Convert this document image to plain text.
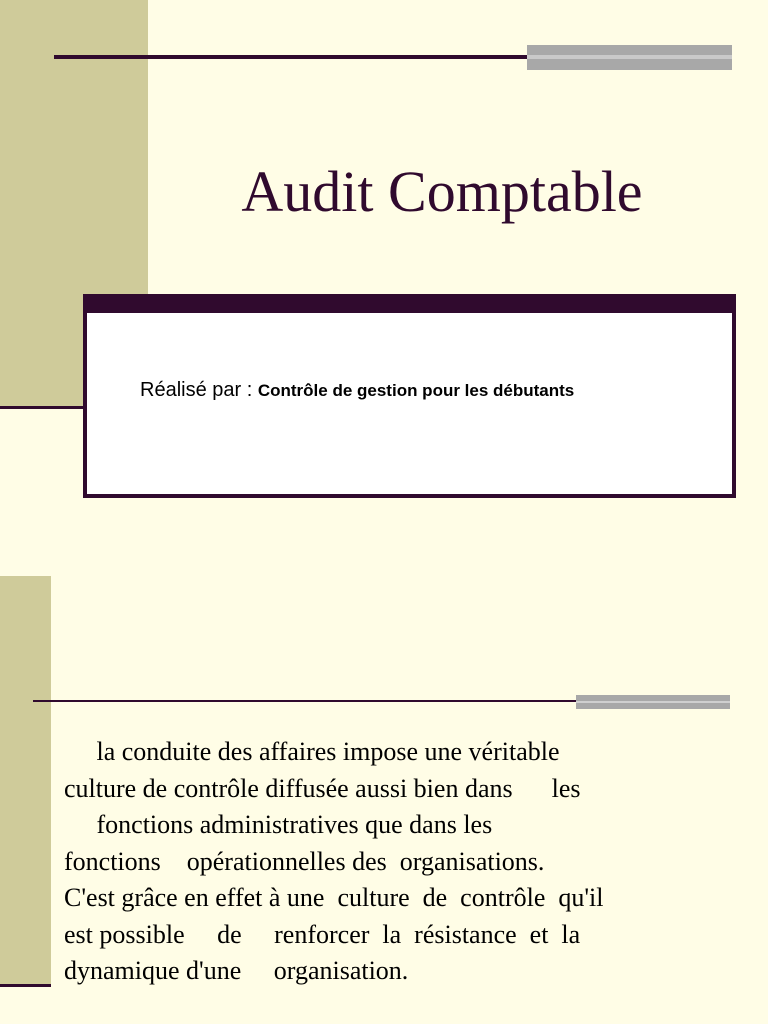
Audit Comptable
Réalisé par : Contrôle de gestion pour les débutants
la conduite des affaires impose une véritable
culture de contrôle diffusée aussi bien dans      les
fonctions administratives que dans les
fonctions    opérationnelles des  organisations.
C'est grâce en effet à une  culture  de  contrôle  qu'il
est possible     de     renforcer  la  résistance  et  la
dynamique d'une     organisation.
